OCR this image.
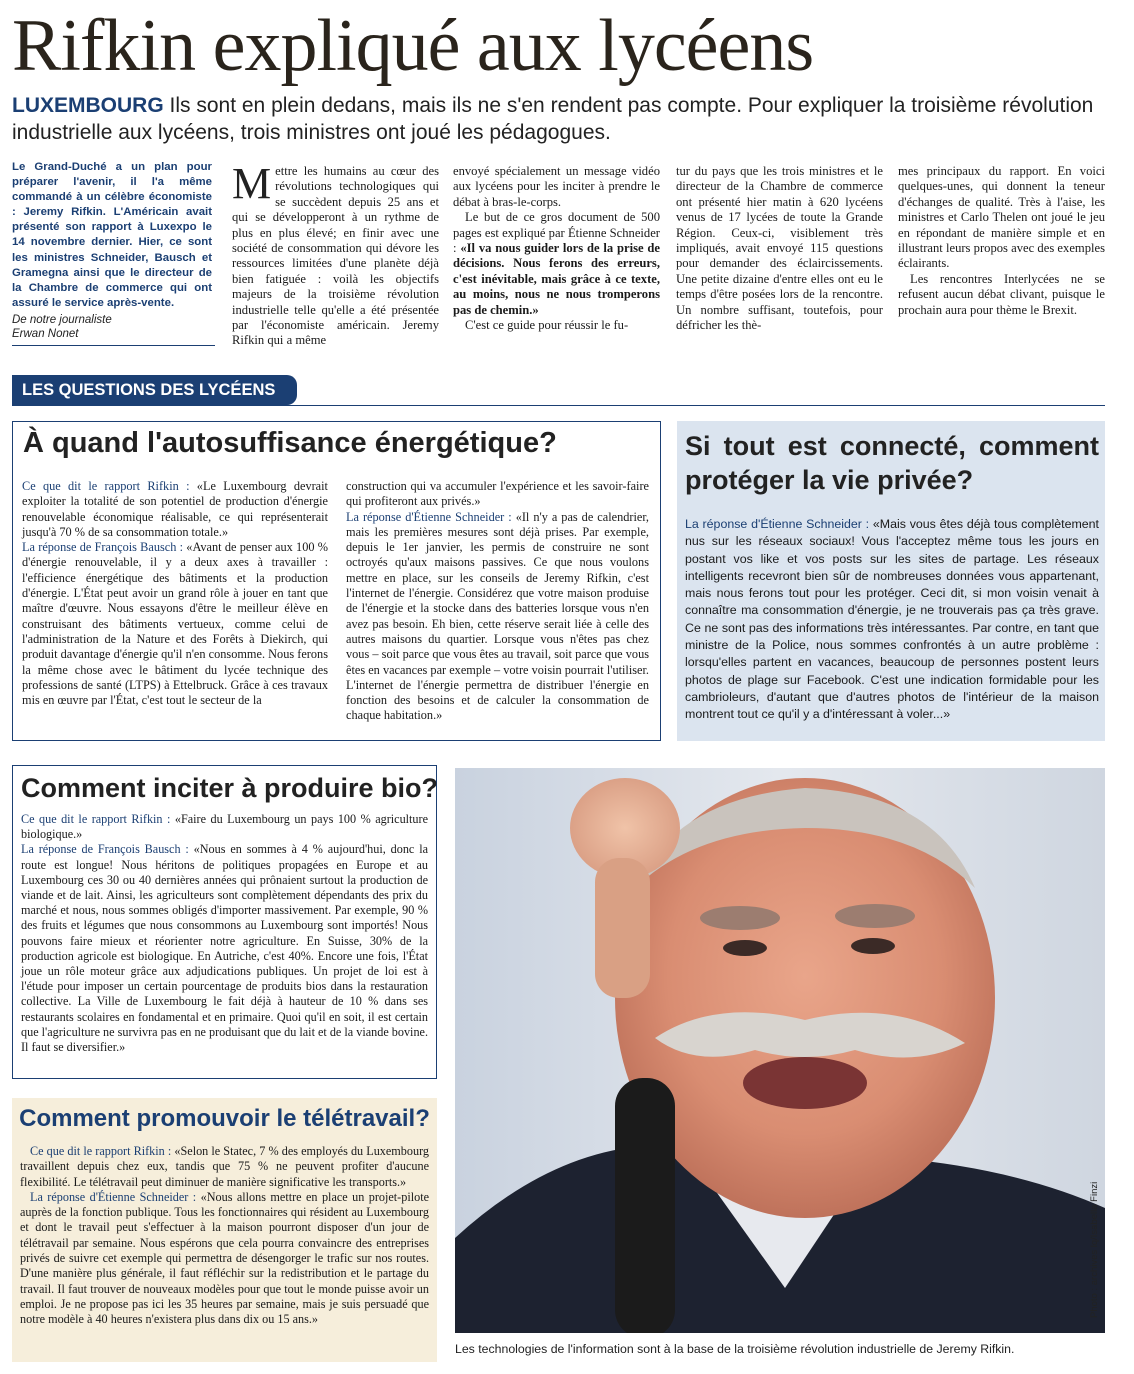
Rifkin expliqué aux lycéens
LUXEMBOURG Ils sont en plein dedans, mais ils ne s'en rendent pas compte. Pour expliquer la troisième révolution industrielle aux lycéens, trois ministres ont joué les pédagogues.

Le Grand-Duché a un plan pour préparer l'avenir, il l'a même commandé à un célèbre économiste : Jeremy Rifkin. L'Américain avait présenté son rapport à Luxexpo le 14 novembre dernier. Hier, ce sont les ministres Schneider, Bausch et Gramegna ainsi que le directeur de la Chambre de commerce qui ont assuré le service après-vente.

De notre journaliste
Erwan Nonet

Mettre les humains au cœur des révolutions technologiques qui se succèdent depuis 25 ans et qui se développeront à un rythme de plus en plus élevé; en finir avec une société de consommation qui dévore les ressources limitées d'une planète déjà bien fatiguée : voilà les objectifs majeurs de la troisième révolution industrielle telle qu'elle a été présentée par l'économiste américain. Jeremy Rifkin qui a même

envoyé spécialement un message vidéo aux lycéens pour les inciter à prendre le débat à bras-le-corps.

Le but de ce gros document de 500 pages est expliqué par Étienne Schneider : «Il va nous guider lors de la prise de décisions. Nous ferons des erreurs, c'est inévitable, mais grâce à ce texte, au moins, nous ne nous tromperons pas de chemin.»

C'est ce guide pour réussir le fu-

tur du pays que les trois ministres et le directeur de la Chambre de commerce ont présenté hier matin à 620 lycéens venus de 17 lycées de toute la Grande Région. Ceux-ci, visiblement très impliqués, avait envoyé 115 questions pour demander des éclaircissements. Une petite dizaine d'entre elles ont eu le temps d'être posées lors de la rencontre. Un nombre suffisant, toutefois, pour défricher les thè-

mes principaux du rapport. En voici quelques-unes, qui donnent la teneur d'échanges de qualité. Très à l'aise, les ministres et Carlo Thelen ont joué le jeu en répondant de manière simple et en illustrant leurs propos avec des exemples éclairants.

Les rencontres Interlycées ne se refusent aucun débat clivant, puisque le prochain aura pour thème le Brexit.

LES QUESTIONS DES LYCÉENS
À quand l'autosuffisance énergétique?

Ce que dit le rapport Rifkin : «Le Luxembourg devrait exploiter la totalité de son potentiel de production d'énergie renouvelable économique réalisable, ce qui représenterait jusqu'à 70 % de sa consommation totale.»

La réponse de François Bausch : «Avant de penser aux 100 % d'énergie renouvelable, il y a deux axes à travailler : l'efficience énergétique des bâtiments et la production d'énergie. L'État peut avoir un grand rôle à jouer en tant que maître d'œuvre. Nous essayons d'être le meilleur élève en construisant des bâtiments vertueux, comme celui de l'administration de la Nature et des Forêts à Diekirch, qui produit davantage d'énergie qu'il n'en consomme. Nous ferons la même chose avec le bâtiment du lycée technique des professions de santé (LTPS) à Ettelbruck. Grâce à ces travaux mis en œuvre par l'État, c'est tout le secteur de la

construction qui va accumuler l'expérience et les savoir-faire qui profiteront aux privés.»

La réponse d'Étienne Schneider : «Il n'y a pas de calendrier, mais les premières mesures sont déjà prises. Par exemple, depuis le 1er janvier, les permis de construire ne sont octroyés qu'aux maisons passives. Ce que nous voulons mettre en place, sur les conseils de Jeremy Rifkin, c'est l'internet de l'énergie. Considérez que votre maison produise de l'énergie et la stocke dans des batteries lorsque vous n'en avez pas besoin. Eh bien, cette réserve serait liée à celle des autres maisons du quartier. Lorsque vous n'êtes pas chez vous – soit parce que vous êtes au travail, soit parce que vous êtes en vacances par exemple – votre voisin pourrait l'utiliser. L'internet de l'énergie permettra de distribuer l'énergie en fonction des besoins et de calculer la consommation de chaque habitation.»

Si tout est connecté, comment
protéger la vie privée?

La réponse d'Étienne Schneider : «Mais vous êtes déjà tous complètement nus sur les réseaux sociaux! Vous l'acceptez même tous les jours en postant vos like et vos posts sur les sites de partage. Les réseaux intelligents recevront bien sûr de nombreuses données vous appartenant, mais nous ferons tout pour les protéger. Ceci dit, si mon voisin venait à connaître ma consommation d'énergie, je ne trouverais pas ça très grave. Ce ne sont pas des informations très intéressantes. Par contre, en tant que ministre de la Police, nous sommes confrontés à un autre problème : lorsqu'elles partent en vacances, beaucoup de personnes postent leurs photos de plage sur Facebook. C'est une indication formidable pour les cambrioleurs, d'autant que d'autres photos de l'intérieur de la maison montrent tout ce qu'il y a d'intéressant à voler...»

Comment inciter à produire bio?

Ce que dit le rapport Rifkin : «Faire du Luxembourg un pays 100 % agriculture biologique.»

La réponse de François Bausch : «Nous en sommes à 4 % aujourd'hui, donc la route est longue! Nous héritons de politiques propagées en Europe et au Luxembourg ces 30 ou 40 dernières années qui prônaient surtout la production de viande et de lait. Ainsi, les agriculteurs sont complètement dépendants des prix du marché et nous, nous sommes obligés d'importer massivement. Par exemple, 90 % des fruits et légumes que nous consommons au Luxembourg sont importés! Nous pouvons faire mieux et réorienter notre agriculture. En Suisse, 30% de la production agricole est biologique. En Autriche, c'est 40%. Encore une fois, l'État joue un rôle moteur grâce aux adjudications publiques. Un projet de loi est à l'étude pour imposer un certain pourcentage de produits bios dans la restauration collective. La Ville de Luxembourg le fait déjà à hauteur de 10 % dans ses restaurants scolaires en fondamental et en primaire. Quoi qu'il en soit, il est certain que l'agriculture ne survivra pas en ne produisant que du lait et de la viande bovine. Il faut se diversifier.»

Comment promouvoir le télétravail?

Ce que dit le rapport Rifkin : «Selon le Statec, 7 % des employés du Luxembourg travaillent depuis chez eux, tandis que 75 % ne peuvent profiter d'aucune flexibilité. Le télétravail peut diminuer de manière significative les transports.»

La réponse d'Étienne Schneider : «Nous allons mettre en place un projet-pilote auprès de la fonction publique. Tous les fonctionnaires qui résident au Luxembourg et dont le travail peut s'effectuer à la maison pourront disposer d'un jour de télétravail par semaine. Nous espérons que cela pourra convaincre des entreprises privés de suivre cet exemple qui permettra de désengorger le trafic sur nos routes. D'une manière plus générale, il faut réfléchir sur la redistribution et le partage du travail. Il faut trouver de nouveaux modèles pour que tout le monde puisse avoir un emploi. Je ne propose pas ici les 35 heures par semaine, mais je suis persuadé que notre modèle à 40 heures n'existera plus dans dix ou 15 ans.»

Photo : archives lq/Isabella Finzi
Les technologies de l'information sont à la base de la troisième révolution industrielle de Jeremy Rifkin.
